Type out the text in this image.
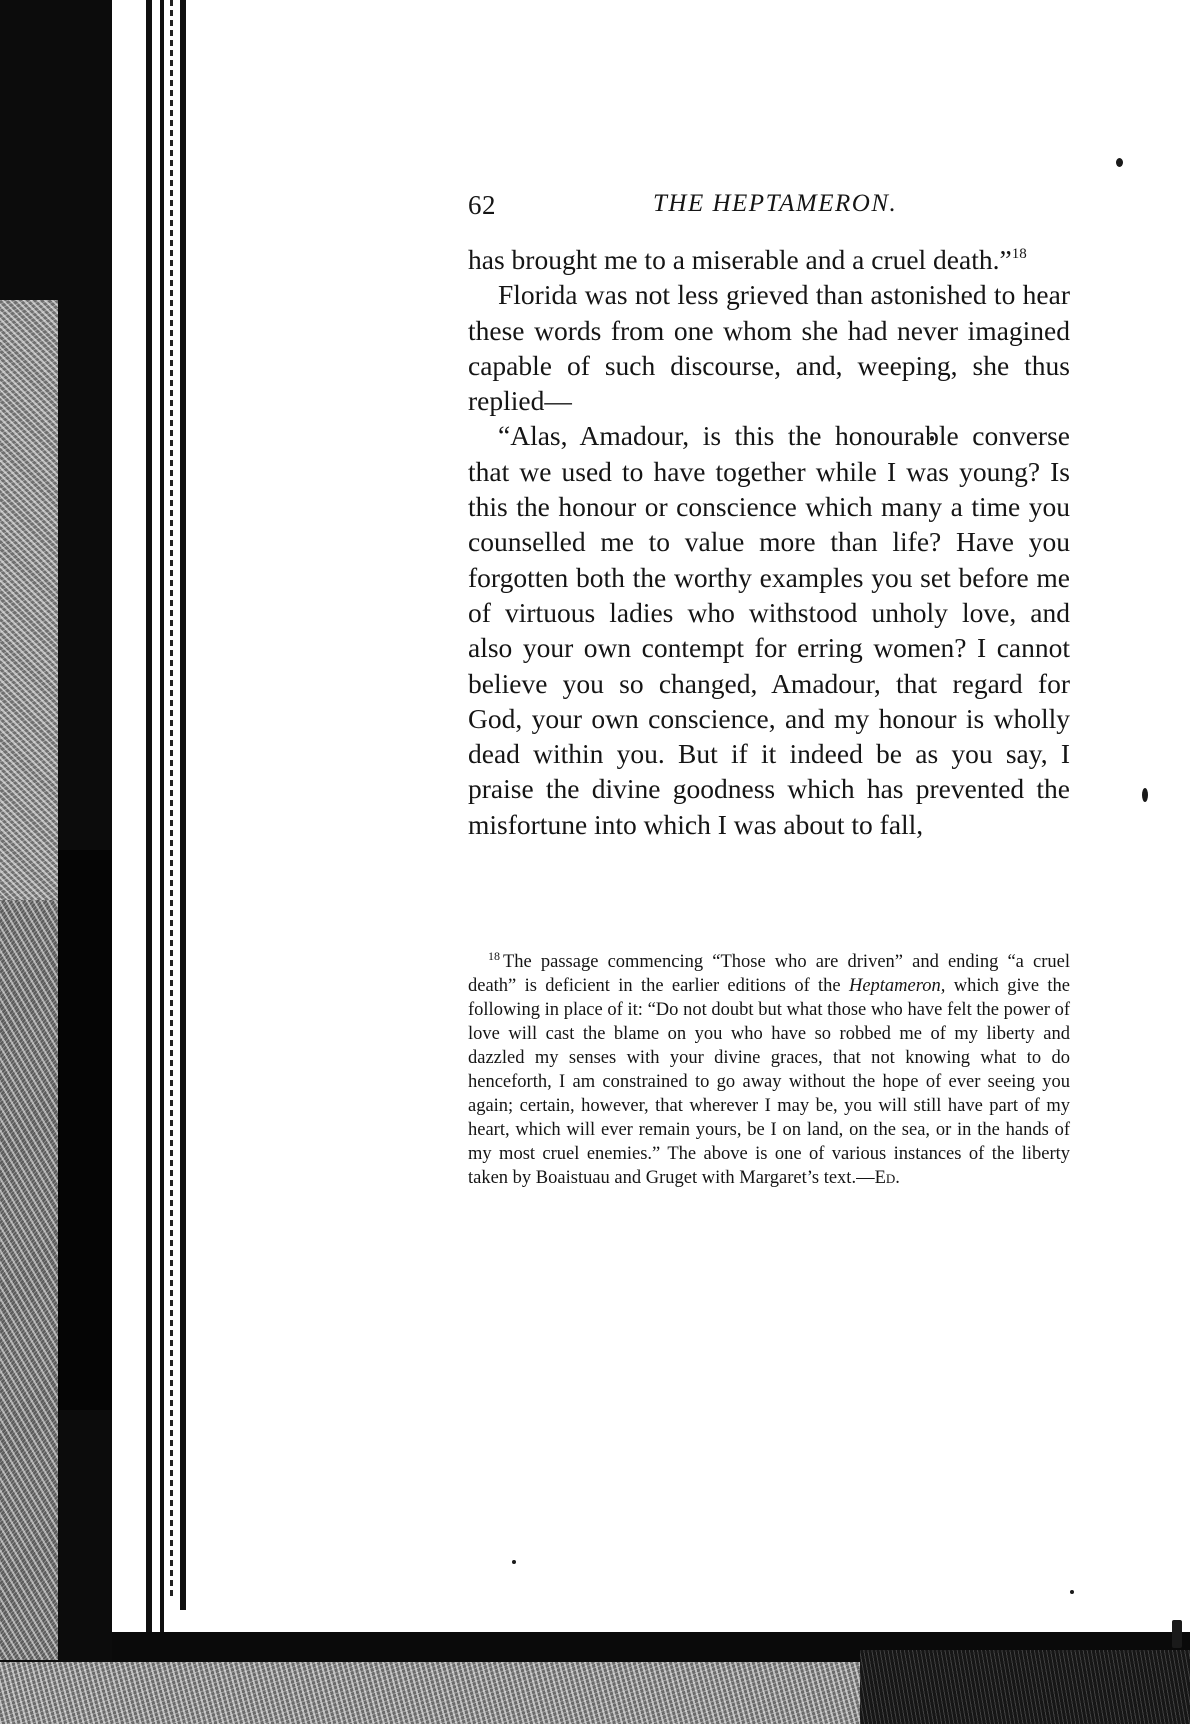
62	THE HEPTAMERON.

has brought me to a miserable and a cruel death.”$^{18}$

Florida was not less grieved than astonished to hear these words from one whom she had never imagined capable of such discourse, and, weeping, she thus replied—

“Alas, Amadour, is this the honourable converse that we used to have together while I was young? Is this the honour or conscience which many a time you counselled me to value more than life? Have you forgotten both the worthy examples you set before me of virtuous ladies who withstood unholy love, and also your own contempt for erring women? I cannot believe you so changed, Amadour, that regard for God, your own conscience, and my honour is wholly dead within you. But if it indeed be as you say, I praise the divine goodness which has prevented the misfortune into which I was about to fall,

$^{18}$ The passage commencing “Those who are driven” and ending “a cruel death” is deficient in the earlier editions of the Heptameron, which give the following in place of it: “Do not doubt but what those who have felt the power of love will cast the blame on you who have so robbed me of my liberty and dazzled my senses with your divine graces, that not knowing what to do henceforth, I am constrained to go away without the hope of ever seeing you again; certain, however, that wherever I may be, you will still have part of my heart, which will ever remain yours, be I on land, on the sea, or in the hands of my most cruel enemies.” The above is one of various instances of the liberty taken by Boaistuau and Gruget with Margaret’s text.—Ed.
